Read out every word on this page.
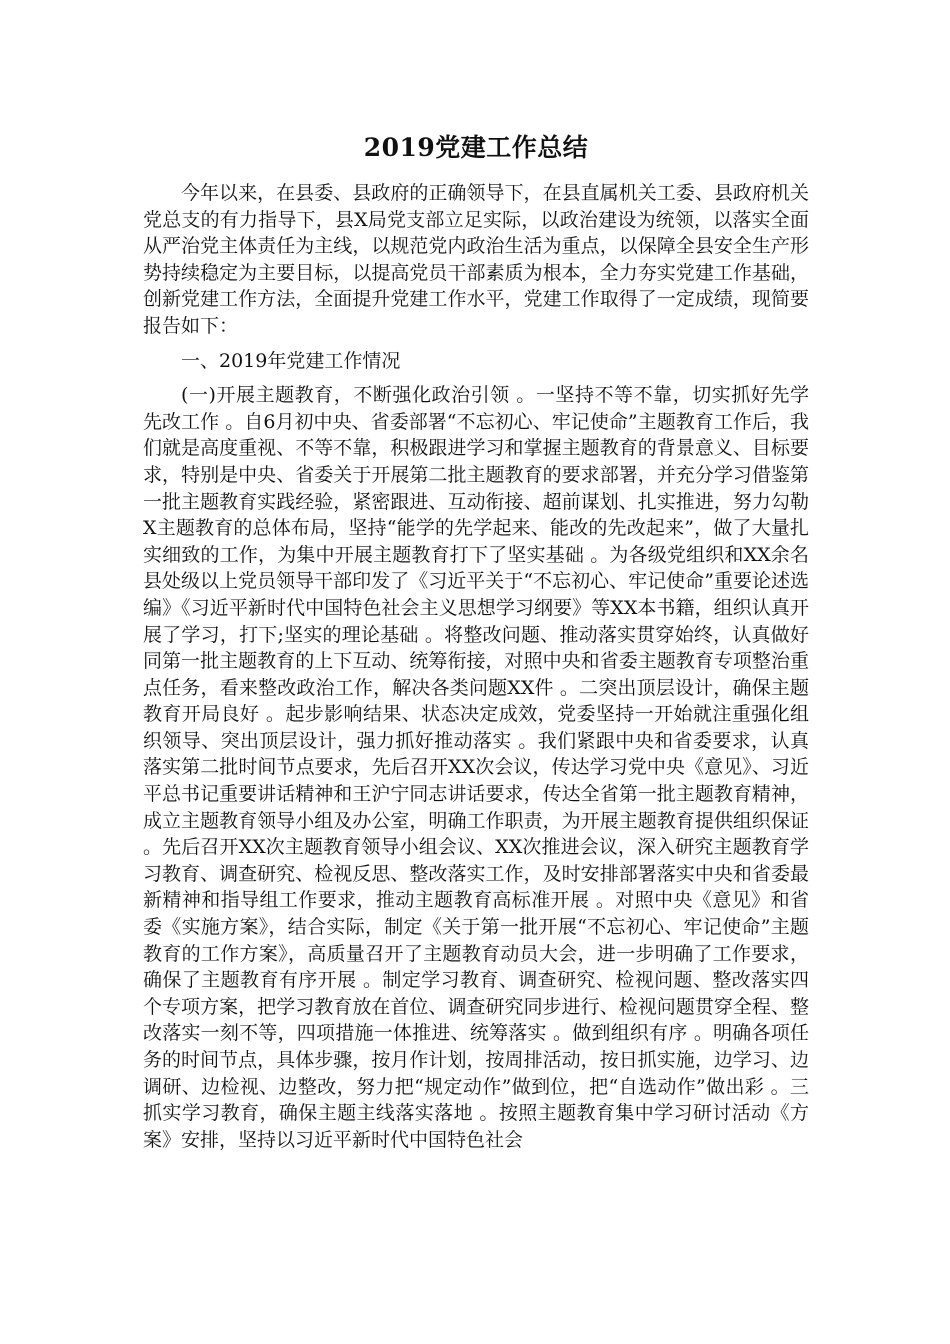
2019党建工作总结

今年以来，在县委、县政府的正确领导下，在县直属机关工委、县政府机关党总支的有力指导下，县X局党支部立足实际，以政治建设为统领，以落实全面从严治党主体责任为主线，以规范党内政治生活为重点，以保障全县安全生产形势持续稳定为主要目标，以提高党员干部素质为根本，全力夯实党建工作基础，创新党建工作方法，全面提升党建工作水平，党建工作取得了一定成绩，现简要报告如下：

一、2019年党建工作情况

(一)开展主题教育，不断强化政治引领 。一坚持不等不靠，切实抓好先学先改工作 。自6月初中央、省委部署“不忘初心、牢记使命”主题教育工作后，我们就是高度重视、不等不靠，积极跟进学习和掌握主题教育的背景意义、目标要求，特别是中央、省委关于开展第二批主题教育的要求部署，并充分学习借鉴第一批主题教育实践经验，紧密跟进、互动衔接、超前谋划、扎实推进，努力勾勒X主题教育的总体布局，坚持“能学的先学起来、能改的先改起来”，做了大量扎实细致的工作，为集中开展主题教育打下了坚实基础 。为各级党组织和XX余名县处级以上党员领导干部印发了《习近平关于“不忘初心、牢记使命”重要论述选编》《习近平新时代中国特色社会主义思想学习纲要》等XX本书籍，组织认真开展了学习，打下;坚实的理论基础 。将整改问题、推动落实贯穿始终，认真做好同第一批主题教育的上下互动、统筹衔接，对照中央和省委主题教育专项整治重点任务，看来整改政治工作，解决各类问题XX件 。二突出顶层设计，确保主题教育开局良好 。起步影响结果、状态决定成效，党委坚持一开始就注重强化组织领导、突出顶层设计，强力抓好推动落实 。我们紧跟中央和省委要求，认真落实第二批时间节点要求，先后召开XX次会议，传达学习党中央《意见》、习近平总书记重要讲话精神和王沪宁同志讲话要求，传达全省第一批主题教育精神，成立主题教育领导小组及办公室，明确工作职责，为开展主题教育提供组织保证 。先后召开XX次主题教育领导小组会议、XX次推进会议，深入研究主题教育学习教育、调查研究、检视反思、整改落实工作，及时安排部署落实中央和省委最新精神和指导组工作要求，推动主题教育高标准开展 。对照中央《意见》和省委《实施方案》，结合实际，制定《关于第一批开展“不忘初心、牢记使命”主题教育的工作方案》，高质量召开了主题教育动员大会，进一步明确了工作要求，确保了主题教育有序开展 。制定学习教育、调查研究、检视问题、整改落实四个专项方案，把学习教育放在首位、调查研究同步进行、检视问题贯穿全程、整改落实一刻不等，四项措施一体推进、统筹落实 。做到组织有序 。明确各项任务的时间节点，具体步骤，按月作计划，按周排活动，按日抓实施，边学习、边调研、边检视、边整改，努力把“规定动作”做到位，把“自选动作”做出彩 。三抓实学习教育，确保主题主线落实落地 。按照主题教育集中学习研讨活动《方案》安排，坚持以习近平新时代中国特色社会
